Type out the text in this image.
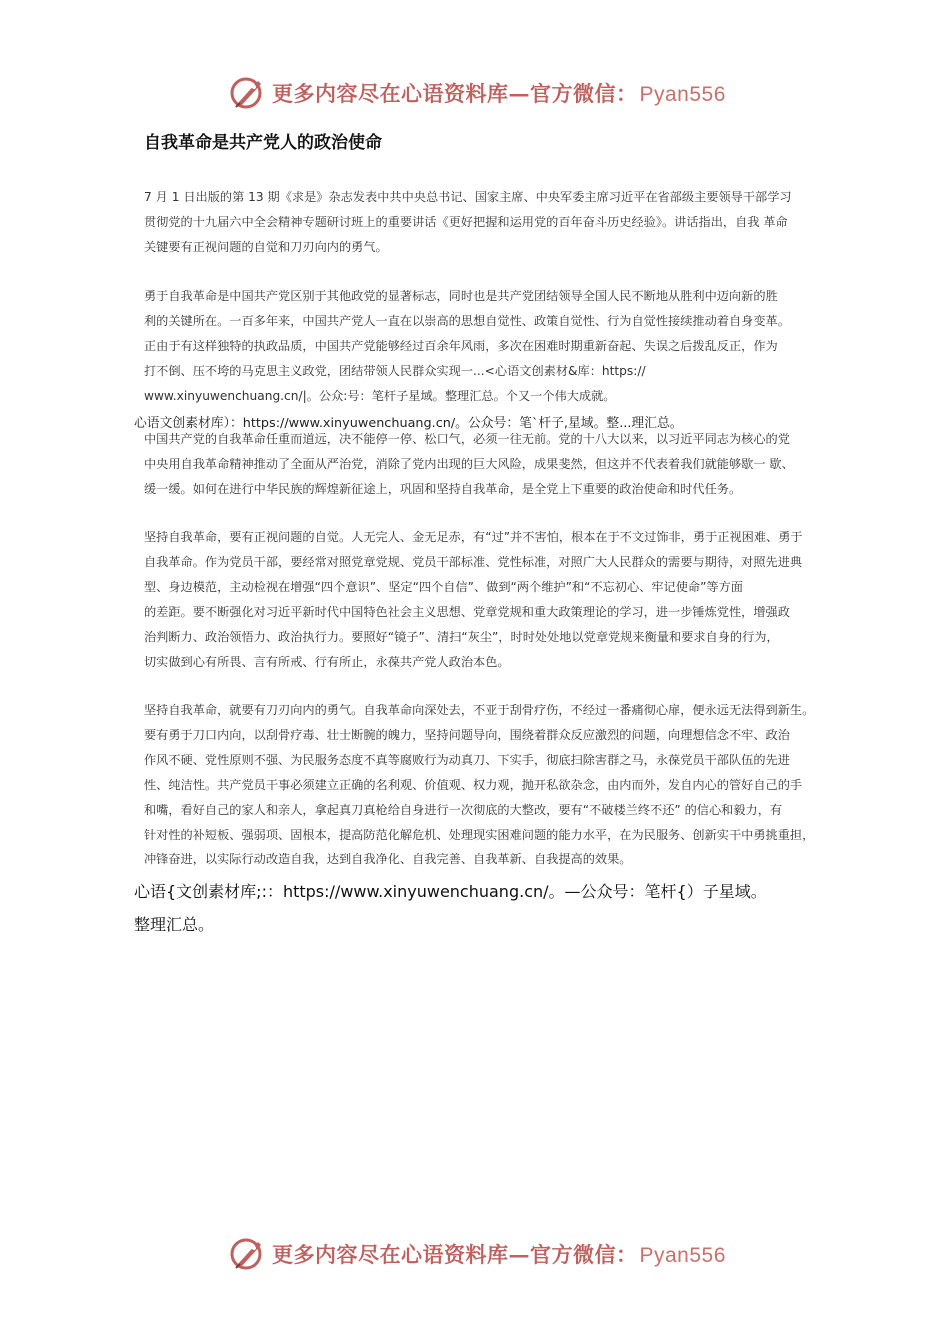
更多内容尽在心语资料库—官方微信：Pyan556
自我革命是共产党人的政治使命
7 月 1 日出版的第 13 期《求是》杂志发表中共中央总书记、国家主席、中央军委主席习近平在省部级主要领导干部学习
贯彻党的十九届六中全会精神专题研讨班上的重要讲话《更好把握和运用党的百年奋斗历史经验》。讲话指出，自我 革命
关键要有正视问题的自觉和刀刃向内的勇气。
勇于自我革命是中国共产党区别于其他政党的显著标志，同时也是共产党团结领导全国人民不断地从胜利中迈向新的胜
利的关键所在。一百多年来，中国共产党人一直在以崇高的思想自觉性、政策自觉性、行为自觉性接续推动着自身变革。
正由于有这样独特的执政品质，中国共产党能够经过百余年风雨，多次在困难时期重新奋起、失误之后拨乱反正，作为
打不倒、压不垮的马克思主义政党，团结带领人民群众实现一...<心语文创素材&库：https://
www.xinyuwenchuang.cn/|。公众:号：笔杆子星域。整理汇总。个又一个伟大成就。
心语文创素材库）：https://www.xinyuwenchuang.cn/。公众号：笔`杆子,星域。整...理汇总。
中国共产党的自我革命任重而道远，决不能停一停、松口气，必须一往无前。党的十八大以来，以习近平同志为核心的党
中央用自我革命精神推动了全面从严治党，消除了党内出现的巨大风险，成果斐然，但这并不代表着我们就能够歇一 歇、
缓一缓。如何在进行中华民族的辉煌新征途上，巩固和坚持自我革命，是全党上下重要的政治使命和时代任务。
坚持自我革命，要有正视问题的自觉。人无完人、金无足赤，有“过”并不害怕，根本在于不文过饰非，勇于正视困难、勇于
自我革命。作为党员干部，要经常对照党章党规、党员干部标准、党性标准，对照广大人民群众的需要与期待，对照先进典
型、身边模范，主动检视在增强“四个意识”、坚定“四个自信”、做到“两个维护”和“不忘初心、牢记使命”等方面
的差距。要不断强化对习近平新时代中国特色社会主义思想、党章党规和重大政策理论的学习，进一步锤炼党性，增强政
治判断力、政治领悟力、政治执行力。要照好“镜子”、清扫“灰尘”，时时处处地以党章党规来衡量和要求自身的行为，
切实做到心有所畏、言有所戒、行有所止，永葆共产党人政治本色。
坚持自我革命，就要有刀刃向内的勇气。自我革命向深处去，不亚于刮骨疗伤，不经过一番痛彻心扉，便永远无法得到新生。
要有勇于刀口内向，以刮骨疗毒、壮士断腕的魄力，坚持问题导向，围绕着群众反应激烈的问题，向理想信念不牢、政治
作风不硬、党性原则不强、为民服务态度不真等腐败行为动真刀、下实手，彻底扫除害群之马，永葆党员干部队伍的先进
性、纯洁性。共产党员干事必须建立正确的名利观、价值观、权力观，抛开私欲杂念，由内而外，发自内心的管好自己的手
和嘴，看好自己的家人和亲人，拿起真刀真枪给自身进行一次彻底的大整改，要有“不破楼兰终不还” 的信心和毅力，有
针对性的补短板、强弱项、固根本，提高防范化解危机、处理现实困难问题的能力水平，在为民服务、创新实干中勇挑重担，
冲锋奋进，以实际行动改造自我，达到自我净化、自我完善、自我革新、自我提高的效果。
心语{文创素材库;:：https://www.xinyuwenchuang.cn/。—公众号：笔杆{）子星域。
整理汇总。
更多内容尽在心语资料库—官方微信：Pyan556
